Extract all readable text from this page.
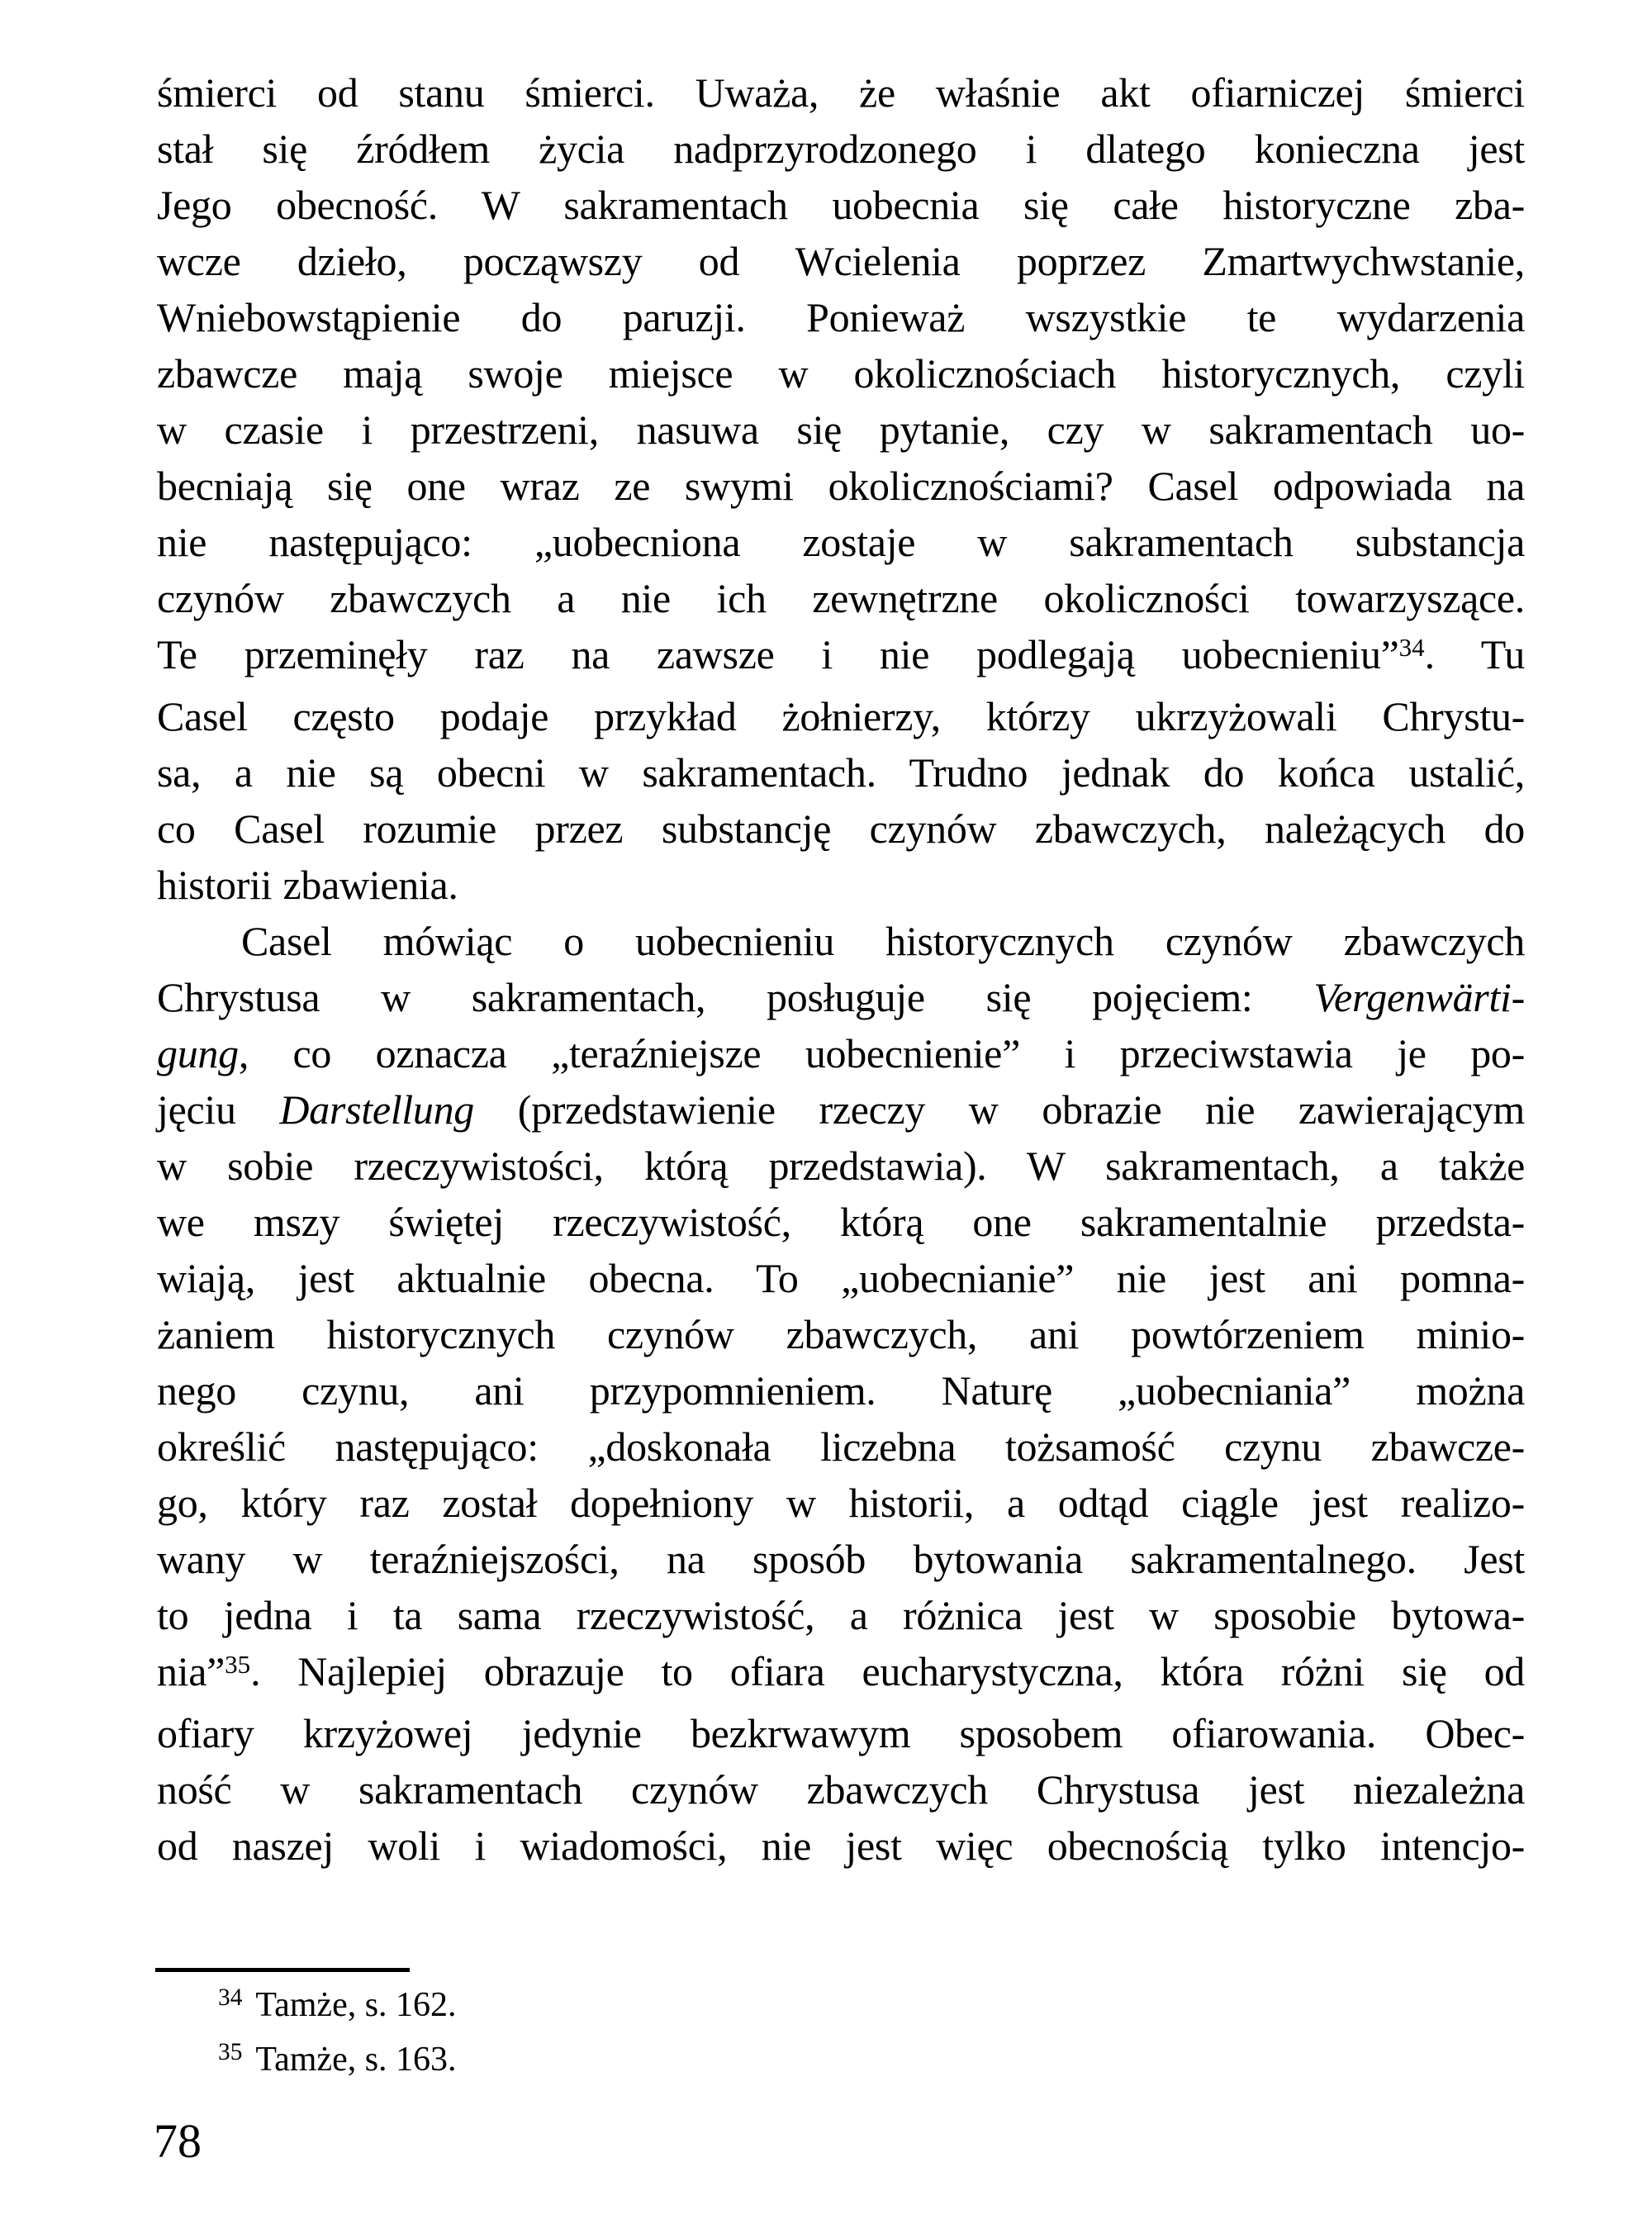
śmierci od stanu śmierci. Uważa, że właśnie akt ofiarniczej śmierci
stał się źródłem życia nadprzyrodzonego i dlatego konieczna jest
Jego obecność. W sakramentach uobecnia się całe historyczne zba-
wcze dzieło, począwszy od Wcielenia poprzez Zmartwychwstanie,
Wniebowstąpienie do paruzji. Ponieważ wszystkie te wydarzenia
zbawcze mają swoje miejsce w okolicznościach historycznych, czyli
w czasie i przestrzeni, nasuwa się pytanie, czy w sakramentach uo-
becniają się one wraz ze swymi okolicznościami? Casel odpowiada na
nie następująco: „uobecniona zostaje w sakramentach substancja
czynów zbawczych a nie ich zewnętrzne okoliczności towarzyszące.
Te przeminęły raz na zawsze i nie podlegają uobecnieniu”$^{34}$. Tu
Casel często podaje przykład żołnierzy, którzy ukrzyżowali Chrystu-
sa, a nie są obecni w sakramentach. Trudno jednak do końca ustalić,
co Casel rozumie przez substancję czynów zbawczych, należących do
historii zbawienia.
Casel mówiąc o uobecnieniu historycznych czynów zbawczych
Chrystusa w sakramentach, posługuje się pojęciem: Vergenwärti-
gung, co oznacza „teraźniejsze uobecnienie” i przeciwstawia je po-
jęciu Darstellung (przedstawienie rzeczy w obrazie nie zawierającym
w sobie rzeczywistości, którą przedstawia). W sakramentach, a także
we mszy świętej rzeczywistość, którą one sakramentalnie przedsta-
wiają, jest aktualnie obecna. To „uobecnianie” nie jest ani pomna-
żaniem historycznych czynów zbawczych, ani powtórzeniem minio-
nego czynu, ani przypomnieniem. Naturę „uobecniania” można
określić następująco: „doskonała liczebna tożsamość czynu zbawcze-
go, który raz został dopełniony w historii, a odtąd ciągle jest realizo-
wany w teraźniejszości, na sposób bytowania sakramentalnego. Jest
to jedna i ta sama rzeczywistość, a różnica jest w sposobie bytowa-
nia”$^{35}$. Najlepiej obrazuje to ofiara eucharystyczna, która różni się od
ofiary krzyżowej jedynie bezkrwawym sposobem ofiarowania. Obec-
ność w sakramentach czynów zbawczych Chrystusa jest niezależna
od naszej woli i wiadomości, nie jest więc obecnością tylko intencjo-
$^{34}$ Tamże, s. 162.
$^{35}$ Tamże, s. 163.
78
